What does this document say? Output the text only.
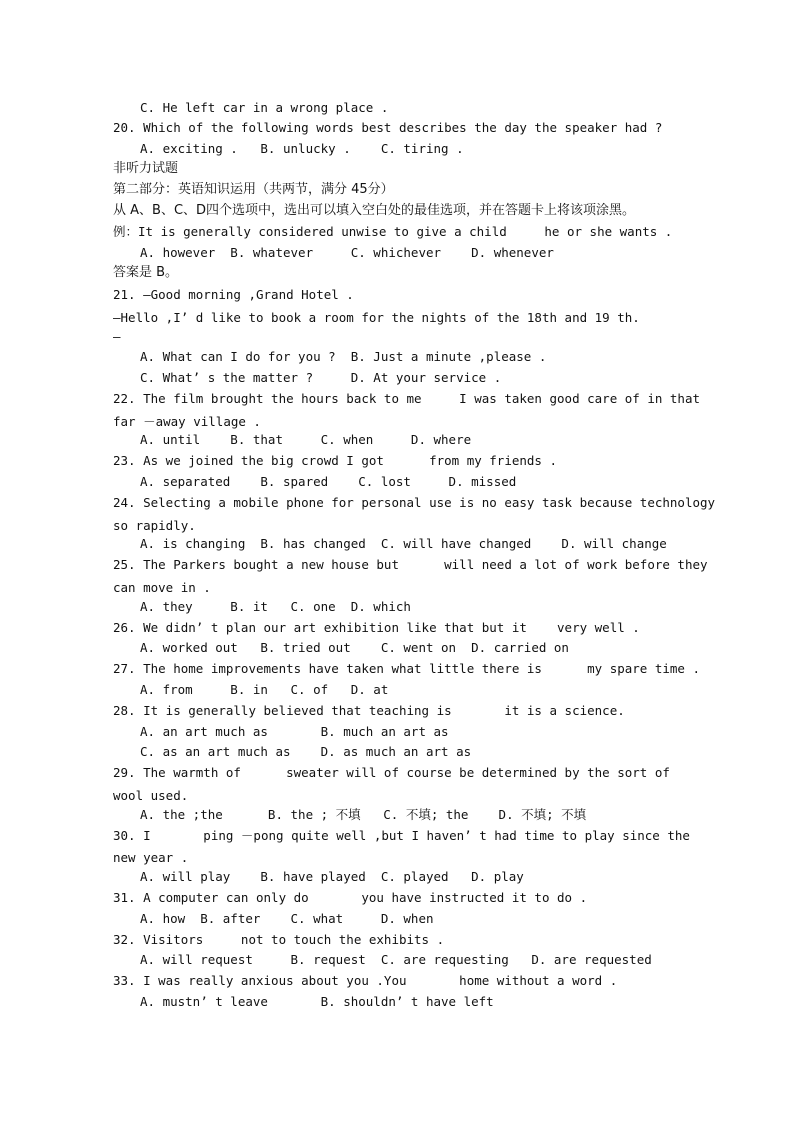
C. He left car in a wrong place .
20. Which of the following words best describes the day the speaker had ?
A. exciting .   B. unlucky .    C. tiring .
非听力试题
第二部分：英语知识运用（共两节，满分 45分）
从 A、B、C、D四个选项中，选出可以填入空白处的最佳选项，并在答题卡上将该项涂黑。
例：It is generally considered unwise to give a child     he or she wants .
A. however  B. whatever     C. whichever    D. whenever
答案是 B。
21. —Good morning ,Grand Hotel .
—Hello ,I’ d like to book a room for the nights of the 18th and 19 th.
—
A. What can I do for you ?  B. Just a minute ,please .
C. What’ s the matter ?     D. At your service .
22. The film brought the hours back to me     I was taken good care of in that
far －away village .
A. until    B. that     C. when     D. where
23. As we joined the big crowd I got      from my friends .
A. separated    B. spared    C. lost     D. missed
24. Selecting a mobile phone for personal use is no easy task because technology
so rapidly.
A. is changing  B. has changed  C. will have changed    D. will change
25. The Parkers bought a new house but      will need a lot of work before they
can move in .
A. they     B. it   C. one  D. which
26. We didn’ t plan our art exhibition like that but it    very well .
A. worked out   B. tried out    C. went on  D. carried on
27. The home improvements have taken what little there is      my spare time .
A. from     B. in   C. of   D. at
28. It is generally believed that teaching is       it is a science.
A. an art much as       B. much an art as
C. as an art much as    D. as much an art as
29. The warmth of      sweater will of course be determined by the sort of
wool used.
A. the ;the      B. the ; 不填   C. 不填; the    D. 不填; 不填
30. I       ping －pong quite well ,but I haven’ t had time to play since the
new year .
A. will play    B. have played  C. played   D. play
31. A computer can only do       you have instructed it to do .
A. how  B. after    C. what     D. when
32. Visitors     not to touch the exhibits .
A. will request     B. request  C. are requesting   D. are requested
33. I was really anxious about you .You       home without a word .
A. mustn’ t leave       B. shouldn’ t have left
